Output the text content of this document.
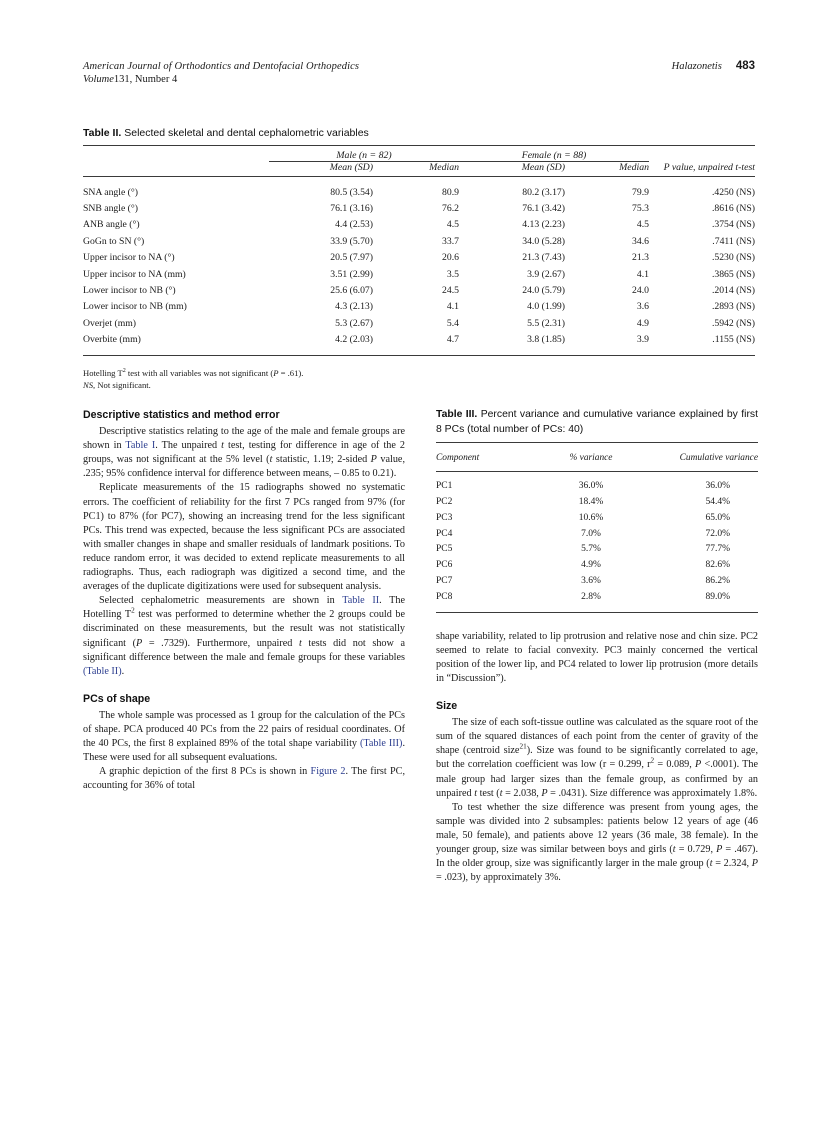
American Journal of Orthodontics and Dentofacial Orthopedics	Halazonetis 483
Volume131, Number 4
Table II. Selected skeletal and dental cephalometric variables

	Male (n = 82)		Female (n = 88)		
	Mean (SD)	Median	Mean (SD)	Median	P value, unpaired t-test

SNA angle (°)	80.5 (3.54)	80.9	80.2 (3.17)	79.9	.4250 (NS)
SNB angle (°)	76.1 (3.16)	76.2	76.1 (3.42)	75.3	.8616 (NS)
ANB angle (°)	4.4 (2.53)	4.5	4.13 (2.23)	4.5	.3754 (NS)
GoGn to SN (°)	33.9 (5.70)	33.7	34.0 (5.28)	34.6	.7411 (NS)
Upper incisor to NA (°)	20.5 (7.97)	20.6	21.3 (7.43)	21.3	.5230 (NS)
Upper incisor to NA (mm)	3.51 (2.99)	3.5	3.9 (2.67)	4.1	.3865 (NS)
Lower incisor to NB (°)	25.6 (6.07)	24.5	24.0 (5.79)	24.0	.2014 (NS)
Lower incisor to NB (mm)	4.3 (2.13)	4.1	4.0 (1.99)	3.6	.2893 (NS)
Overjet (mm)	5.3 (2.67)	5.4	5.5 (2.31)	4.9	.5942 (NS)
Overbite (mm)	4.2 (2.03)	4.7	3.8 (1.85)	3.9	.1155 (NS)

Hotelling $T^2$ test with all variables was not significant (P = .61).
NS, Not significant.
Descriptive statistics and method error

Descriptive statistics relating to the age of the male and female groups are shown in Table I. The unpaired t test, testing for difference in age of the 2 groups, was not significant at the 5% level (t statistic, 1.19; 2-sided P value, .235; 95% confidence interval for difference between means, – 0.85 to 0.21).

Replicate measurements of the 15 radiographs showed no systematic errors. The coefficient of reliability for the first 7 PCs ranged from 97% (for PC1) to 87% (for PC7), showing an increasing trend for the less significant PCs. This trend was expected, because the less significant PCs are associated with smaller changes in shape and smaller residuals of landmark positions. To reduce random error, it was decided to extend replicate measurements to all radiographs. Thus, each radiograph was digitized a second time, and the averages of the duplicate digitizations were used for subsequent analysis.

Selected cephalometric measurements are shown in Table II. The Hotelling $T^2$ test was performed to determine whether the 2 groups could be discriminated on these measurements, but the result was not statistically significant (P = .7329). Furthermore, unpaired t tests did not show a significant difference between the male and female groups for these variables (Table II).

PCs of shape

The whole sample was processed as 1 group for the calculation of the PCs of shape. PCA produced 40 PCs from the 22 pairs of residual coordinates. Of the 40 PCs, the first 8 explained 89% of the total shape variability (Table III). These were used for all subsequent evaluations.

A graphic depiction of the first 8 PCs is shown in Figure 2. The first PC, accounting for 36% of total

Table III. Percent variance and cumulative variance explained by first 8 PCs (total number of PCs: 40)

Component	% variance	Cumulative variance

PC1	36.0%	36.0%
PC2	18.4%	54.4%
PC3	10.6%	65.0%
PC4	7.0%	72.0%
PC5	5.7%	77.7%
PC6	4.9%	82.6%
PC7	3.6%	86.2%
PC8	2.8%	89.0%

shape variability, related to lip protrusion and relative nose and chin size. PC2 seemed to relate to facial convexity. PC3 mainly concerned the vertical position of the lower lip, and PC4 related to lower lip protrusion (more details in “Discussion”).

Size

The size of each soft-tissue outline was calculated as the square root of the sum of the squared distances of each point from the center of gravity of the shape (centroid size$^{21}$). Size was found to be significantly correlated to age, but the correlation coefficient was low (r = 0.299, $r^2 = 0.089$, P <.0001). The male group had larger sizes than the female group, as confirmed by an unpaired t test (t = 2.038, P = .0431). Size difference was approximately 1.8%.

To test whether the size difference was present from young ages, the sample was divided into 2 subsamples: patients below 12 years of age (46 male, 50 female), and patients above 12 years (36 male, 38 female). In the younger group, size was similar between boys and girls (t = 0.729, P = .467). In the older group, size was significantly larger in the male group (t = 2.324, P = .023), by approximately 3%.
